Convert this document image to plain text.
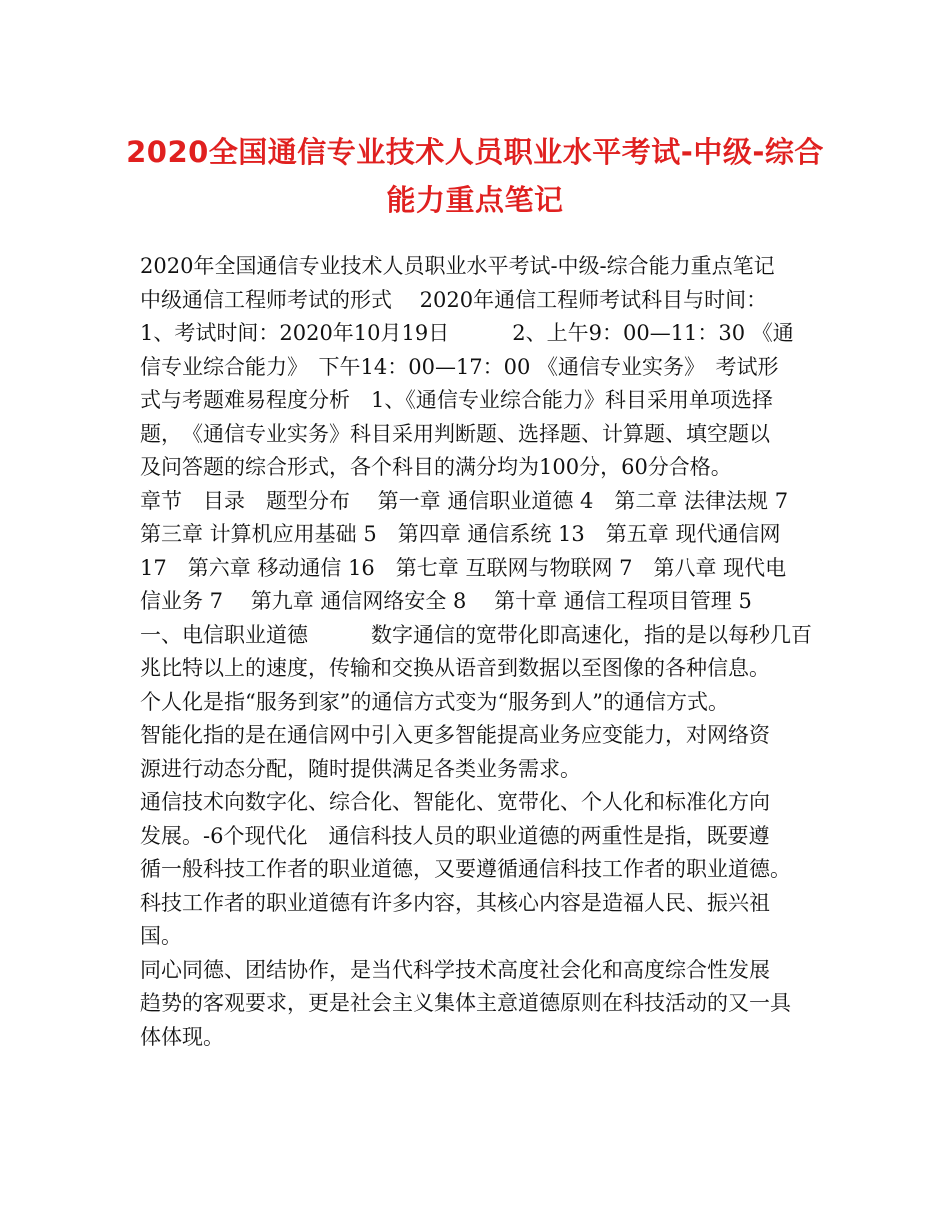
2020全国通信专业技术人员职业水平考试-中级-综合
能力重点笔记
2020年全国通信专业技术人员职业水平考试-中级-综合能力重点笔记
中级通信工程师考试的形式　 2020年通信工程师考试科目与时间：
1、考试时间：2020年10月19日　　　2、上午9：00—11：30 《通
信专业综合能力》　下午14：00—17：00 《通信专业实务》　考试形
式与考题难易程度分析　1、《通信专业综合能力》科目采用单项选择
题，　《通信专业实务》科目采用判断题、选择题、计算题、填空题以
及问答题的综合形式，各个科目的满分均为100分，60分合格。
章节　目录　题型分布　 第一章 通信职业道德 4　第二章 法律法规 7
第三章 计算机应用基础 5　第四章 通信系统 13　第五章 现代通信网
17　第六章 移动通信 16　第七章 互联网与物联网 7　第八章 现代电
信业务 7　 第九章 通信网络安全 8　 第十章 通信工程项目管理 5
一、电信职业道德　　　数字通信的宽带化即高速化，指的是以每秒几百
兆比特以上的速度，传输和交换从语音到数据以至图像的各种信息。
个人化是指“服务到家”的通信方式变为“服务到人”的通信方式。
智能化指的是在通信网中引入更多智能提高业务应变能力，对网络资
源进行动态分配，随时提供满足各类业务需求。
通信技术向数字化、综合化、智能化、宽带化、个人化和标准化方向
发展。-6个现代化　通信科技人员的职业道德的两重性是指，既要遵
循一般科技工作者的职业道德，又要遵循通信科技工作者的职业道德。
科技工作者的职业道德有许多内容，其核心内容是造福人民、振兴祖
国。
同心同德、团结协作，是当代科学技术高度社会化和高度综合性发展
趋势的客观要求，更是社会主义集体主意道德原则在科技活动的又一具
体体现。
